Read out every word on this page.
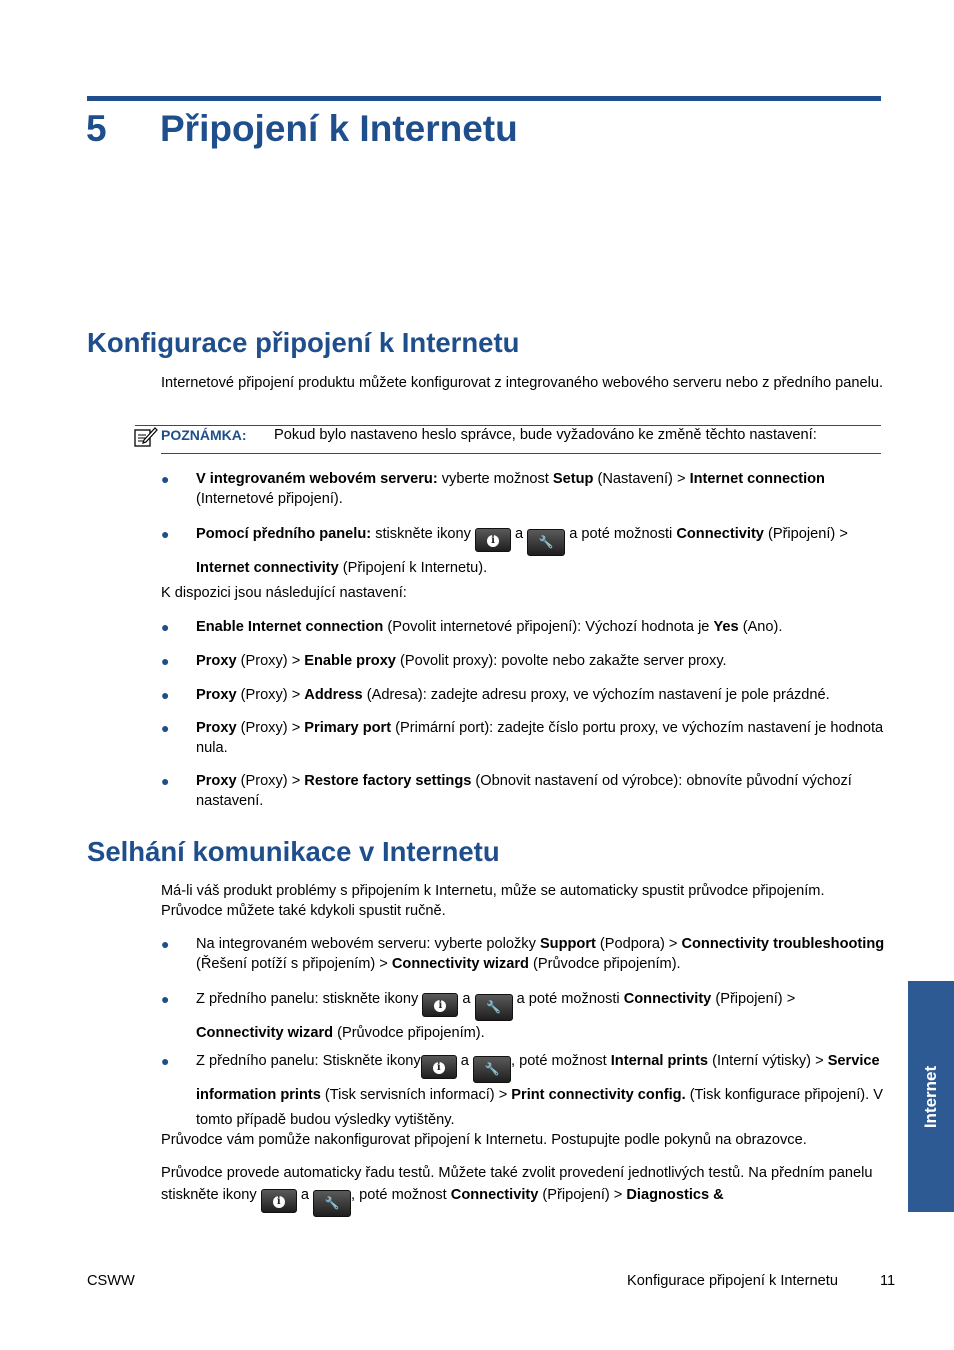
5 Připojení k Internetu
Konfigurace připojení k Internetu
Internetové připojení produktu můžete konfigurovat z integrovaného webového serveru nebo z předního panelu.
POZNÁMKA: Pokud bylo nastaveno heslo správce, bude vyžadováno ke změně těchto nastavení:
● V integrovaném webovém serveru: vyberte možnost Setup (Nastavení) > Internet connection (Internetové připojení).
● Pomocí předního panelu: stiskněte ikony i a 🔧 a poté možnosti Connectivity (Připojení) > Internet connectivity (Připojení k Internetu).
K dispozici jsou následující nastavení:
● Enable Internet connection (Povolit internetové připojení): Výchozí hodnota je Yes (Ano).
● Proxy (Proxy) > Enable proxy (Povolit proxy): povolte nebo zakažte server proxy.
● Proxy (Proxy) > Address (Adresa): zadejte adresu proxy, ve výchozím nastavení je pole prázdné.
● Proxy (Proxy) > Primary port (Primární port): zadejte číslo portu proxy, ve výchozím nastavení je hodnota nula.
● Proxy (Proxy) > Restore factory settings (Obnovit nastavení od výrobce): obnovíte původní výchozí nastavení.
Selhání komunikace v Internetu
Má-li váš produkt problémy s připojením k Internetu, může se automaticky spustit průvodce připojením. Průvodce můžete také kdykoli spustit ručně.
● Na integrovaném webovém serveru: vyberte položky Support (Podpora) > Connectivity troubleshooting (Řešení potíží s připojením) > Connectivity wizard (Průvodce připojením).
● Z předního panelu: stiskněte ikony i a 🔧 a poté možnosti Connectivity (Připojení) > Connectivity wizard (Průvodce připojením).
● Z předního panelu: Stiskněte ikony i a 🔧 , poté možnost Internal prints (Interní výtisky) > Service information prints (Tisk servisních informací) > Print connectivity config. (Tisk konfigurace připojení). V tomto případě budou výsledky vytištěny.
Průvodce vám pomůže nakonfigurovat připojení k Internetu. Postupujte podle pokynů na obrazovce.
Průvodce provede automaticky řadu testů. Můžete také zvolit provedení jednotlivých testů. Na předním panelu stiskněte ikony i a 🔧 , poté možnost Connectivity (Připojení) > Diagnostics &
Internet
CSWW	Konfigurace připojení k Internetu	11
